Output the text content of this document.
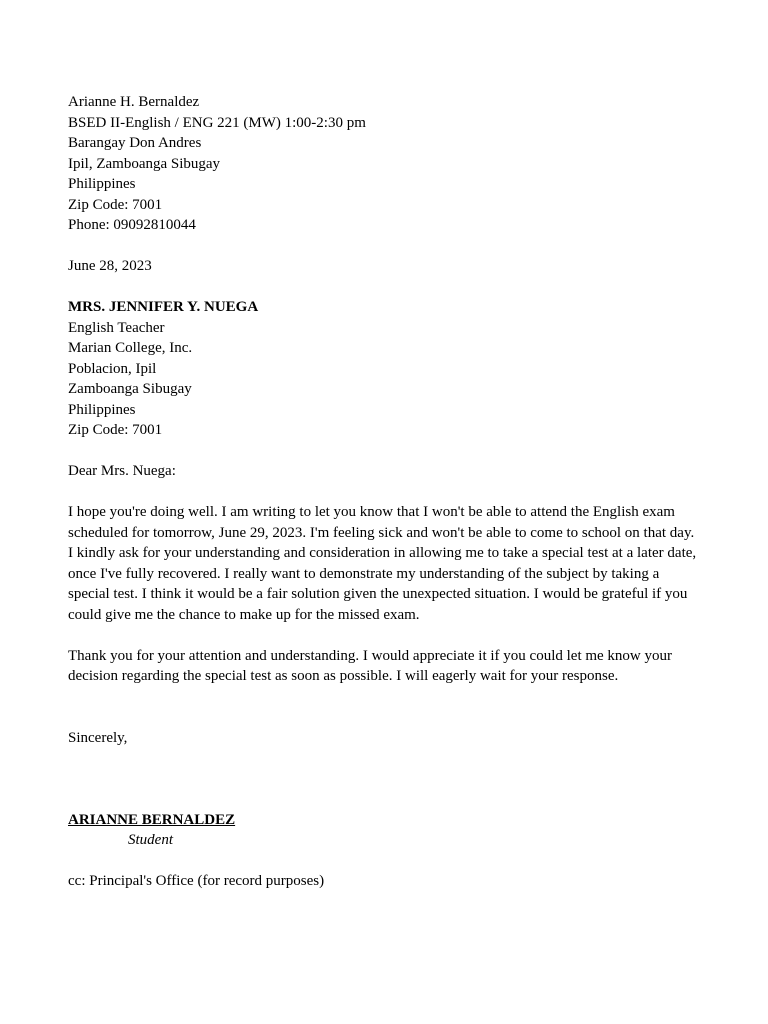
Arianne H. Bernaldez
BSED II-English / ENG 221 (MW) 1:00-2:30 pm
Barangay Don Andres
Ipil, Zamboanga Sibugay
Philippines
Zip Code: 7001
Phone: 09092810044
June 28, 2023
MRS. JENNIFER Y. NUEGA
English Teacher
Marian College, Inc.
Poblacion, Ipil
Zamboanga Sibugay
Philippines
Zip Code: 7001
Dear Mrs. Nuega:
I hope you're doing well. I am writing to let you know that I won't be able to attend the English exam
scheduled for tomorrow, June 29, 2023. I'm feeling sick and won't be able to come to school on that day.
I kindly ask for your understanding and consideration in allowing me to take a special test at a later date,
once I've fully recovered. I really want to demonstrate my understanding of the subject by taking a
special test. I think it would be a fair solution given the unexpected situation. I would be grateful if you
could give me the chance to make up for the missed exam.
Thank you for your attention and understanding. I would appreciate it if you could let me know your
decision regarding the special test as soon as possible. I will eagerly wait for your response.
Sincerely,
ARIANNE BERNALDEZ
Student
cc: Principal's Office (for record purposes)
